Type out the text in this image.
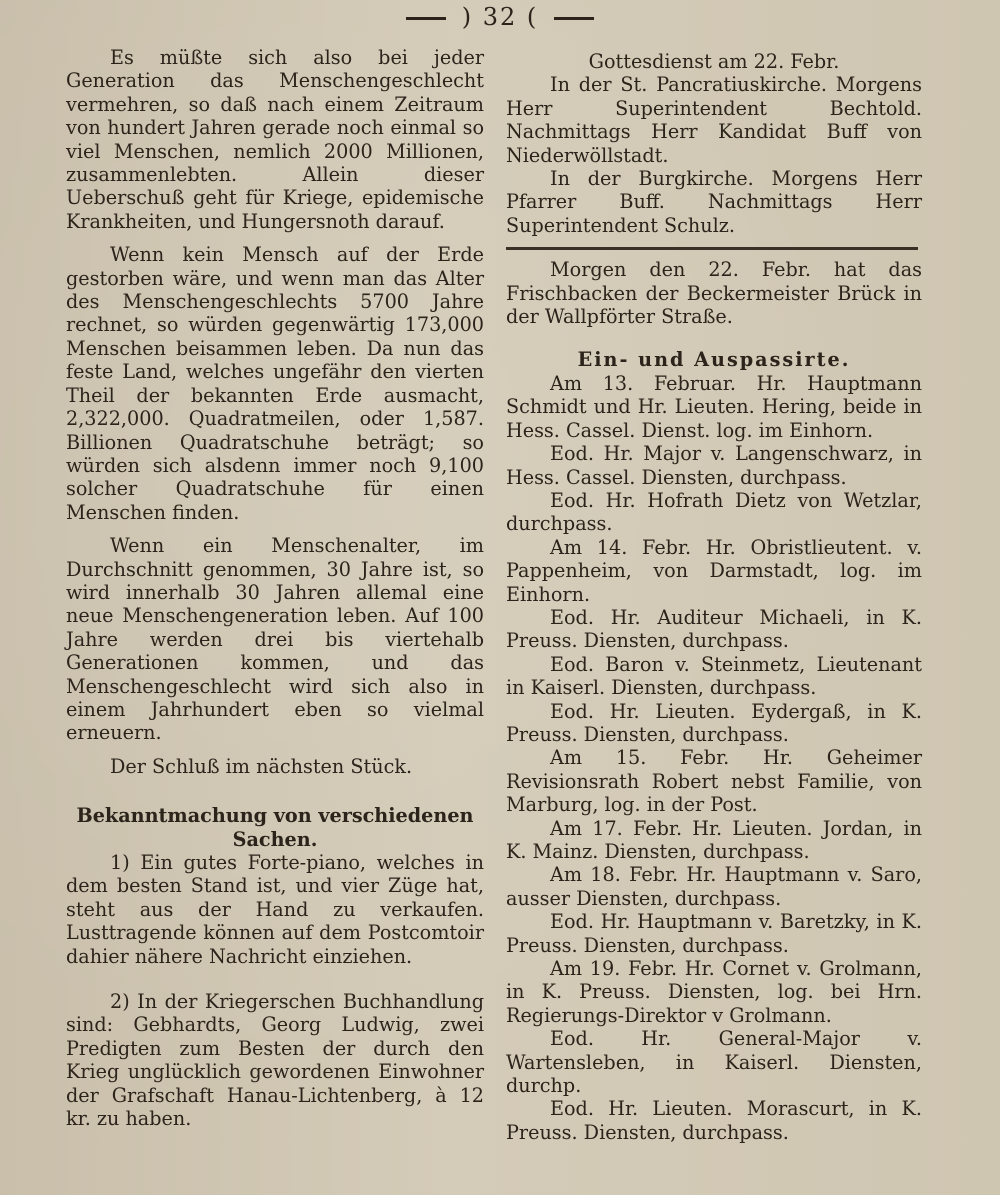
) 32 (

Es müßte sich also bei jeder Generation das Menschengeschlecht vermehren, so daß nach einem Zeitraum von hundert Jahren gerade noch einmal so viel Menschen, nemlich 2000 Millionen, zusammenlebten. Allein dieser Ueberschuß geht für Kriege, epidemische Krankheiten, und Hungersnoth darauf.

Wenn kein Mensch auf der Erde gestorben wäre, und wenn man das Alter des Menschengeschlechts 5700 Jahre rechnet, so würden gegenwärtig 173,000 Menschen beisammen leben. Da nun das feste Land, welches ungefähr den vierten Theil der bekannten Erde ausmacht, 2,322,000. Quadratmeilen, oder 1,587. Billionen Quadratschuhe beträgt; so würden sich alsdenn immer noch 9,100 solcher Quadratschuhe für einen Menschen finden.

Wenn ein Menschenalter, im Durchschnitt genommen, 30 Jahre ist, so wird innerhalb 30 Jahren allemal eine neue Menschengeneration leben. Auf 100 Jahre werden drei bis viertehalb Generationen kommen, und das Menschengeschlecht wird sich also in einem Jahrhundert eben so vielmal erneuern.

Der Schluß im nächsten Stück.

Bekanntmachung von verschiedenen Sachen.

1) Ein gutes Forte-piano, welches in dem besten Stand ist, und vier Züge hat, steht aus der Hand zu verkaufen. Lusttragende können auf dem Postcomtoir dahier nähere Nachricht einziehen.

2) In der Kriegerschen Buchhandlung sind: Gebhardts, Georg Ludwig, zwei Predigten zum Besten der durch den Krieg unglücklich gewordenen Einwohner der Grafschaft Hanau-Lichtenberg, à 12 kr. zu haben.

Gottesdienst am 22. Febr.

In der St. Pancratiuskirche. Morgens Herr Superintendent Bechtold. Nachmittags Herr Kandidat Buff von Niederwöllstadt.

In der Burgkirche. Morgens Herr Pfarrer Buff. Nachmittags Herr Superintendent Schulz.

Morgen den 22. Febr. hat das Frischbacken der Beckermeister Brück in der Wallpförter Straße.

Ein- und Auspassirte.

Am 13. Februar. Hr. Hauptmann Schmidt und Hr. Lieuten. Hering, beide in Hess. Cassel. Dienst. log. im Einhorn.

Eod. Hr. Major v. Langenschwarz, in Hess. Cassel. Diensten, durchpass.

Eod. Hr. Hofrath Dietz von Wetzlar, durchpass.

Am 14. Febr. Hr. Obristlieutent. v. Pappenheim, von Darmstadt, log. im Einhorn.

Eod. Hr. Auditeur Michaeli, in K. Preuss. Diensten, durchpass.

Eod. Baron v. Steinmetz, Lieutenant in Kaiserl. Diensten, durchpass.

Eod. Hr. Lieuten. Eydergaß, in K. Preuss. Diensten, durchpass.

Am 15. Febr. Hr. Geheimer Revisionsrath Robert nebst Familie, von Marburg, log. in der Post.

Am 17. Febr. Hr. Lieuten. Jordan, in K. Mainz. Diensten, durchpass.

Am 18. Febr. Hr. Hauptmann v. Saro, ausser Diensten, durchpass.

Eod. Hr. Hauptmann v. Baretzky, in K. Preuss. Diensten, durchpass.

Am 19. Febr. Hr. Cornet v. Grolmann, in K. Preuss. Diensten, log. bei Hrn. Regierungs-Direktor v Grolmann.

Eod. Hr. General-Major v. Wartensleben, in Kaiserl. Diensten, durchp.

Eod. Hr. Lieuten. Morascurt, in K. Preuss. Diensten, durchpass.
